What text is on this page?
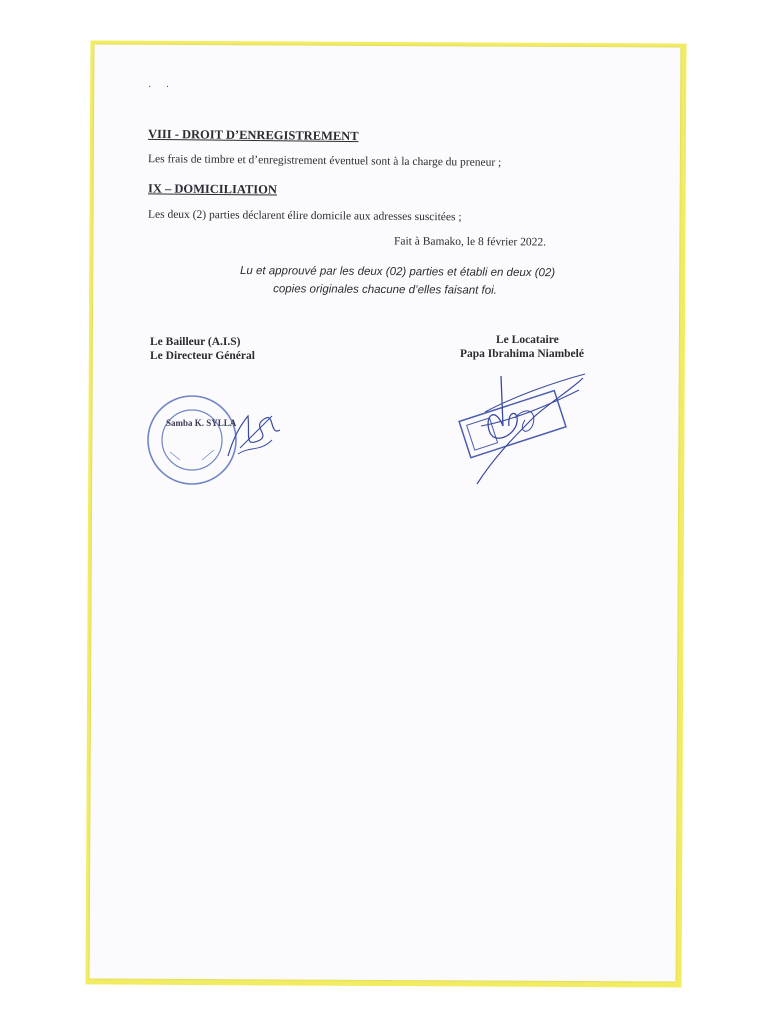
· ·
VIII - DROIT D’ENREGISTREMENT
Les frais de timbre et d’enregistrement éventuel sont à la charge du preneur ;
IX – DOMICILIATION
Les deux (2) parties déclarent élire domicile aux adresses suscitées ;
Fait à Bamako, le 8 février 2022.
Lu et approuvé par les deux (02) parties et établi en deux (02)
copies originales chacune d’elles faisant foi.
Le Bailleur (A.I.S)
Le Directeur Général
Le Locataire
Papa Ibrahima Niambelé
Samba K. SYLLA
